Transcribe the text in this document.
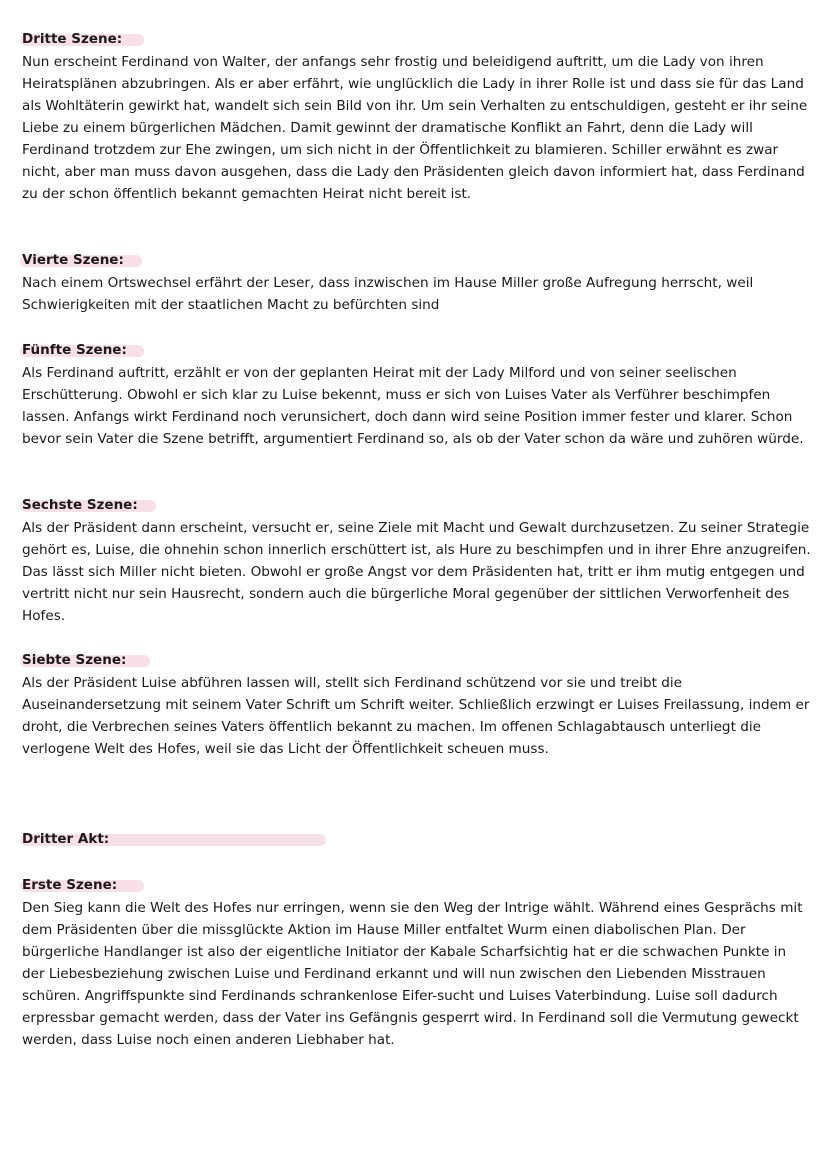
Dritte Szene:

Nun erscheint Ferdinand von Walter, der anfangs sehr frostig und beleidigend auftritt, um die Lady von ihren Heiratsplänen abzubringen. Als er aber erfährt, wie unglücklich die Lady in ihrer Rolle ist und dass sie für das Land als Wohltäterin gewirkt hat, wandelt sich sein Bild von ihr. Um sein Verhalten zu entschuldigen, gesteht er ihr seine Liebe zu einem bürgerlichen Mädchen. Damit gewinnt der dramatische Konflikt an Fahrt, denn die Lady will Ferdinand trotzdem zur Ehe zwingen, um sich nicht in der Öffentlichkeit zu blamieren. Schiller erwähnt es zwar nicht, aber man muss davon ausgehen, dass die Lady den Präsidenten gleich davon informiert hat, dass Ferdinand zu der schon öffentlich bekannt gemachten Heirat nicht bereit ist.

Vierte Szene:

Nach einem Ortswechsel erfährt der Leser, dass inzwischen im Hause Miller große Aufregung herrscht, weil Schwierigkeiten mit der staatlichen Macht zu befürchten sind

Fünfte Szene:

Als Ferdinand auftritt, erzählt er von der geplanten Heirat mit der Lady Milford und von seiner seelischen Erschütterung. Obwohl er sich klar zu Luise bekennt, muss er sich von Luises Vater als Verführer beschimpfen lassen. Anfangs wirkt Ferdinand noch verunsichert, doch dann wird seine Position immer fester und klarer. Schon bevor sein Vater die Szene betrifft, argumentiert Ferdinand so, als ob der Vater schon da wäre und zuhören würde.

Sechste Szene:

Als der Präsident dann erscheint, versucht er, seine Ziele mit Macht und Gewalt durchzusetzen. Zu seiner Strategie gehört es, Luise, die ohnehin schon innerlich erschüttert ist, als Hure zu beschimpfen und in ihrer Ehre anzugreifen. Das lässt sich Miller nicht bieten. Obwohl er große Angst vor dem Präsidenten hat, tritt er ihm mutig entgegen und vertritt nicht nur sein Hausrecht, sondern auch die bürgerliche Moral gegenüber der sittlichen Verworfenheit des Hofes.

Siebte Szene:

Als der Präsident Luise abführen lassen will, stellt sich Ferdinand schützend vor sie und treibt die Auseinandersetzung mit seinem Vater Schrift um Schrift weiter. Schließlich erzwingt er Luises Freilassung, indem er droht, die Verbrechen seines Vaters öffentlich bekannt zu machen. Im offenen Schlagabtausch unterliegt die verlogene Welt des Hofes, weil sie das Licht der Öffentlichkeit scheuen muss.

Dritter Akt:
Erste Szene:

Den Sieg kann die Welt des Hofes nur erringen, wenn sie den Weg der Intrige wählt. Während eines Gesprächs mit dem Präsidenten über die missglückte Aktion im Hause Miller entfaltet Wurm einen diabolischen Plan. Der bürgerliche Handlanger ist also der eigentliche Initiator der Kabale Scharfsichtig hat er die schwachen Punkte in der Liebesbeziehung zwischen Luise und Ferdinand erkannt und will nun zwischen den Liebenden Misstrauen schüren. Angriffspunkte sind Ferdinands schrankenlose Eifer-sucht und Luises Vaterbindung. Luise soll dadurch erpressbar gemacht werden, dass der Vater ins Gefängnis gesperrt wird. In Ferdinand soll die Vermutung geweckt werden, dass Luise noch einen anderen Liebhaber hat.
